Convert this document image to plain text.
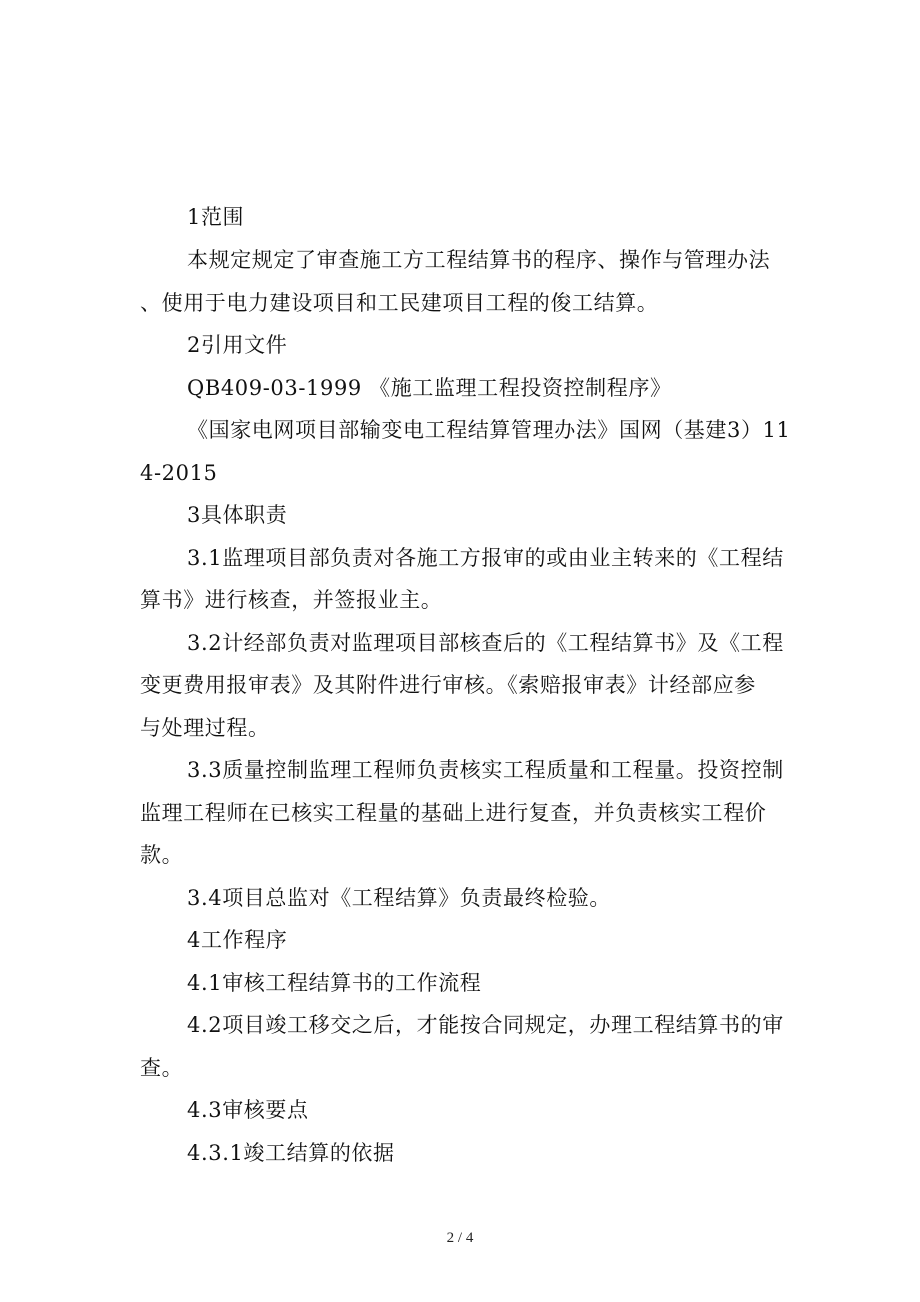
1范围
本规定规定了审查施工方工程结算书的程序、操作与管理办法
、使用于电力建设项目和工民建项目工程的俊工结算。
2引用文件
QB409-03-1999 《施工监理工程投资控制程序》
《国家电网项目部输变电工程结算管理办法》国网（基建3）11
4-2015
3具体职责
3.1监理项目部负责对各施工方报审的或由业主转来的《工程结
算书》进行核查，并签报业主。
3.2计经部负责对监理项目部核查后的《工程结算书》及《工程
变更费用报审表》及其附件进行审核。《索赔报审表》计经部应参
与处理过程。
3.3质量控制监理工程师负责核实工程质量和工程量。投资控制
监理工程师在已核实工程量的基础上进行复查，并负责核实工程价
款。
3.4项目总监对《工程结算》负责最终检验。
4工作程序
4.1审核工程结算书的工作流程
4.2项目竣工移交之后，才能按合同规定，办理工程结算书的审
查。
4.3审核要点
4.3.1竣工结算的依据
2 / 4
